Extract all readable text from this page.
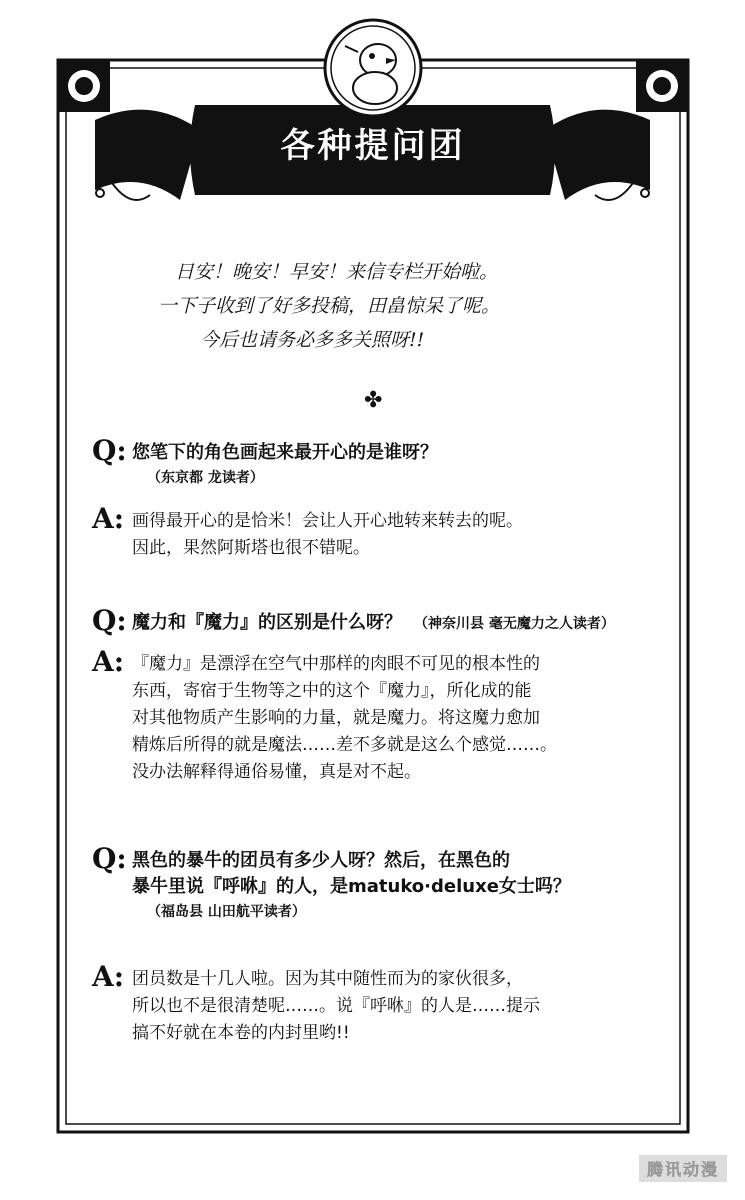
各种提问团
日安！晚安！早安！来信专栏开始啦。
一下子收到了好多投稿，田畠惊呆了呢。
今后也请务必多多关照呀!!
✤
Q: 您笔下的角色画起来最开心的是谁呀？
（东京都 龙读者）
A: 画得最开心的是恰米！会让人开心地转来转去的呢。
因此，果然阿斯塔也很不错呢。
Q: 魔力和『魔力』的区别是什么呀？ （神奈川县 毫无魔力之人读者）
A: 『魔力』是漂浮在空气中那样的肉眼不可见的根本性的
东西，寄宿于生物等之中的这个『魔力』，所化成的能
对其他物质产生影响的力量，就是魔力。将这魔力愈加
精炼后所得的就是魔法……差不多就是这么个感觉……。
没办法解释得通俗易懂，真是对不起。
Q: 黑色的暴牛的团员有多少人呀？然后，在黑色的
暴牛里说『呼咻』的人，是matuko·deluxe女士吗？
（福岛县 山田航平读者）
A: 团员数是十几人啦。因为其中随性而为的家伙很多，
所以也不是很清楚呢……。说『呼咻』的人是……提示
搞不好就在本卷的内封里哟!!
腾讯动漫
